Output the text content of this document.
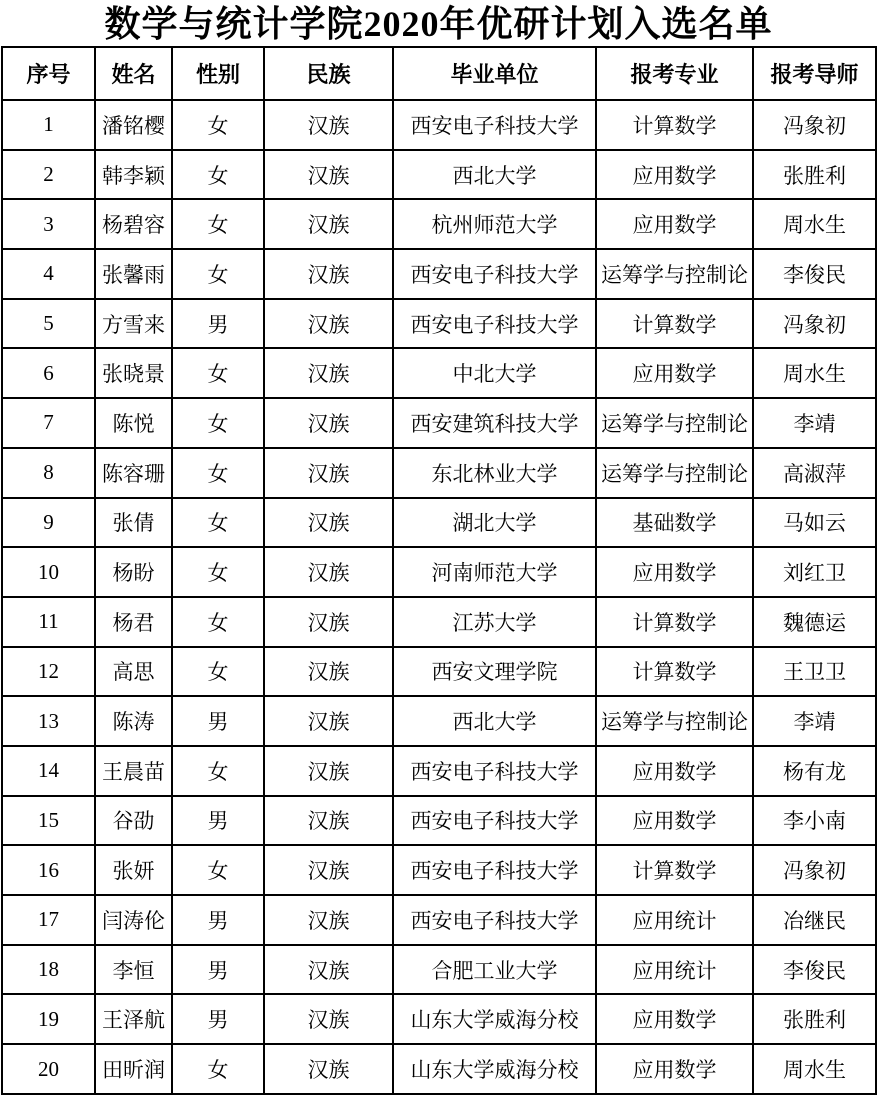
数学与统计学院2020年优研计划入选名单
序号	姓名	性别	民族	毕业单位	报考专业	报考导师
1	潘铭樱	女	汉族	西安电子科技大学	计算数学	冯象初
2	韩李颖	女	汉族	西北大学	应用数学	张胜利
3	杨碧容	女	汉族	杭州师范大学	应用数学	周水生
4	张馨雨	女	汉族	西安电子科技大学	运筹学与控制论	李俊民
5	方雪来	男	汉族	西安电子科技大学	计算数学	冯象初
6	张晓景	女	汉族	中北大学	应用数学	周水生
7	陈悦	女	汉族	西安建筑科技大学	运筹学与控制论	李靖
8	陈容珊	女	汉族	东北林业大学	运筹学与控制论	高淑萍
9	张倩	女	汉族	湖北大学	基础数学	马如云
10	杨盼	女	汉族	河南师范大学	应用数学	刘红卫
11	杨君	女	汉族	江苏大学	计算数学	魏德运
12	高思	女	汉族	西安文理学院	计算数学	王卫卫
13	陈涛	男	汉族	西北大学	运筹学与控制论	李靖
14	王晨苗	女	汉族	西安电子科技大学	应用数学	杨有龙
15	谷劭	男	汉族	西安电子科技大学	应用数学	李小南
16	张妍	女	汉族	西安电子科技大学	计算数学	冯象初
17	闫涛伦	男	汉族	西安电子科技大学	应用统计	冶继民
18	李恒	男	汉族	合肥工业大学	应用统计	李俊民
19	王泽航	男	汉族	山东大学威海分校	应用数学	张胜利
20	田昕润	女	汉族	山东大学威海分校	应用数学	周水生
